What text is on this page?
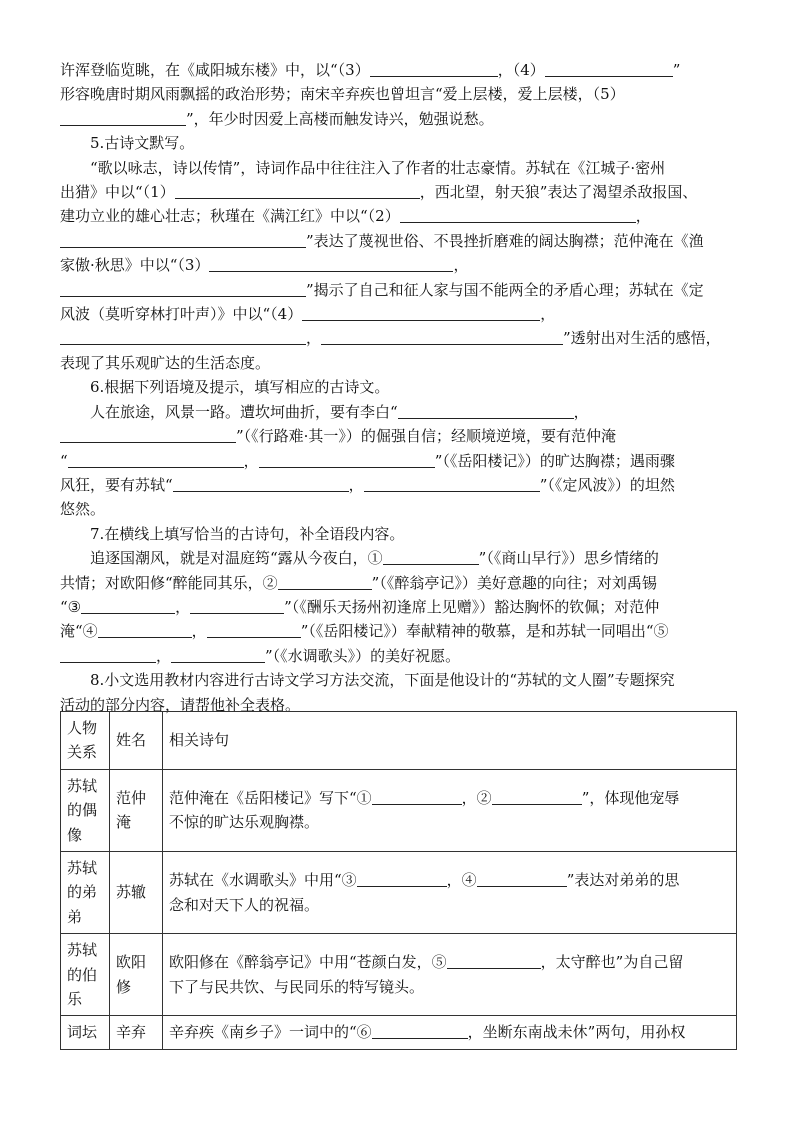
许浑登临览眺，在《咸阳城东楼》中，以“（3）	，（4）	”

形容晚唐时期风雨飘摇的政治形势；南宋辛弃疾也曾坦言“爱上层楼，爱上层楼，（5）

”，年少时因爱上高楼而触发诗兴，勉强说愁。

5.古诗文默写。

“歌以咏志，诗以传情”，诗词作品中往往注入了作者的壮志豪情。苏轼在《江城子·密州

出猎》中以“（1）	，西北望，射天狼”表达了渴望杀敌报国、

建功立业的雄心壮志；秋瑾在《满江红》中以“（2）	，

”表达了蔑视世俗、不畏挫折磨难的阔达胸襟；范仲淹在《渔

家傲·秋思》中以“（3）	，

”揭示了自己和征人家与国不能两全的矛盾心理；苏轼在《定

风波（莫听穿林打叶声）》中以“（4）	，

，	”透射出对生活的感悟，

表现了其乐观旷达的生活态度。

6.根据下列语境及提示，填写相应的古诗文。

人在旅途，风景一路。遭坎坷曲折，要有李白“	，

”（《行路难·其一》）的倔强自信；经顺境逆境，要有范仲淹

“	，	”（《岳阳楼记》）的旷达胸襟；遇雨骤

风狂，要有苏轼“	，	”（《定风波》）的坦然

悠然。

7.在横线上填写恰当的古诗句，补全语段内容。

追逐国潮风，就是对温庭筠“露从今夜白，①	”（《商山早行》）思乡情绪的

共情；对欧阳修“醉能同其乐，②	”（《醉翁亭记》）美好意趣的向往；对刘禹锡

“③	，	”（《酬乐天扬州初逢席上见赠》）豁达胸怀的钦佩；对范仲

淹“④	，	”（《岳阳楼记》）奉献精神的敬慕，是和苏轼一同唱出“⑤

，	”（《水调歌头》）的美好祝愿。

8.小文选用教材内容进行古诗文学习方法交流，下面是他设计的“苏轼的文人圈”专题探究

活动的部分内容，请帮他补全表格。

人物关系	姓名	相关诗句

苏轼
的偶
像	范仲
淹	范仲淹在《岳阳楼记》写下“① ，② ”，体现他宠辱
不惊的旷达乐观胸襟。

苏轼
的弟
弟	苏辙	苏轼在《水调歌头》中用“③ ，④ ”表达对弟弟的思
念和对天下人的祝福。

苏轼
的伯
乐	欧阳
修	欧阳修在《醉翁亭记》中用“苍颜白发，⑤ ，太守醉也”为自己留
下了与民共饮、与民同乐的特写镜头。

词坛	辛弃	辛弃疾《南乡子》一词中的“⑥ ，坐断东南战未休”两句，用孙权
